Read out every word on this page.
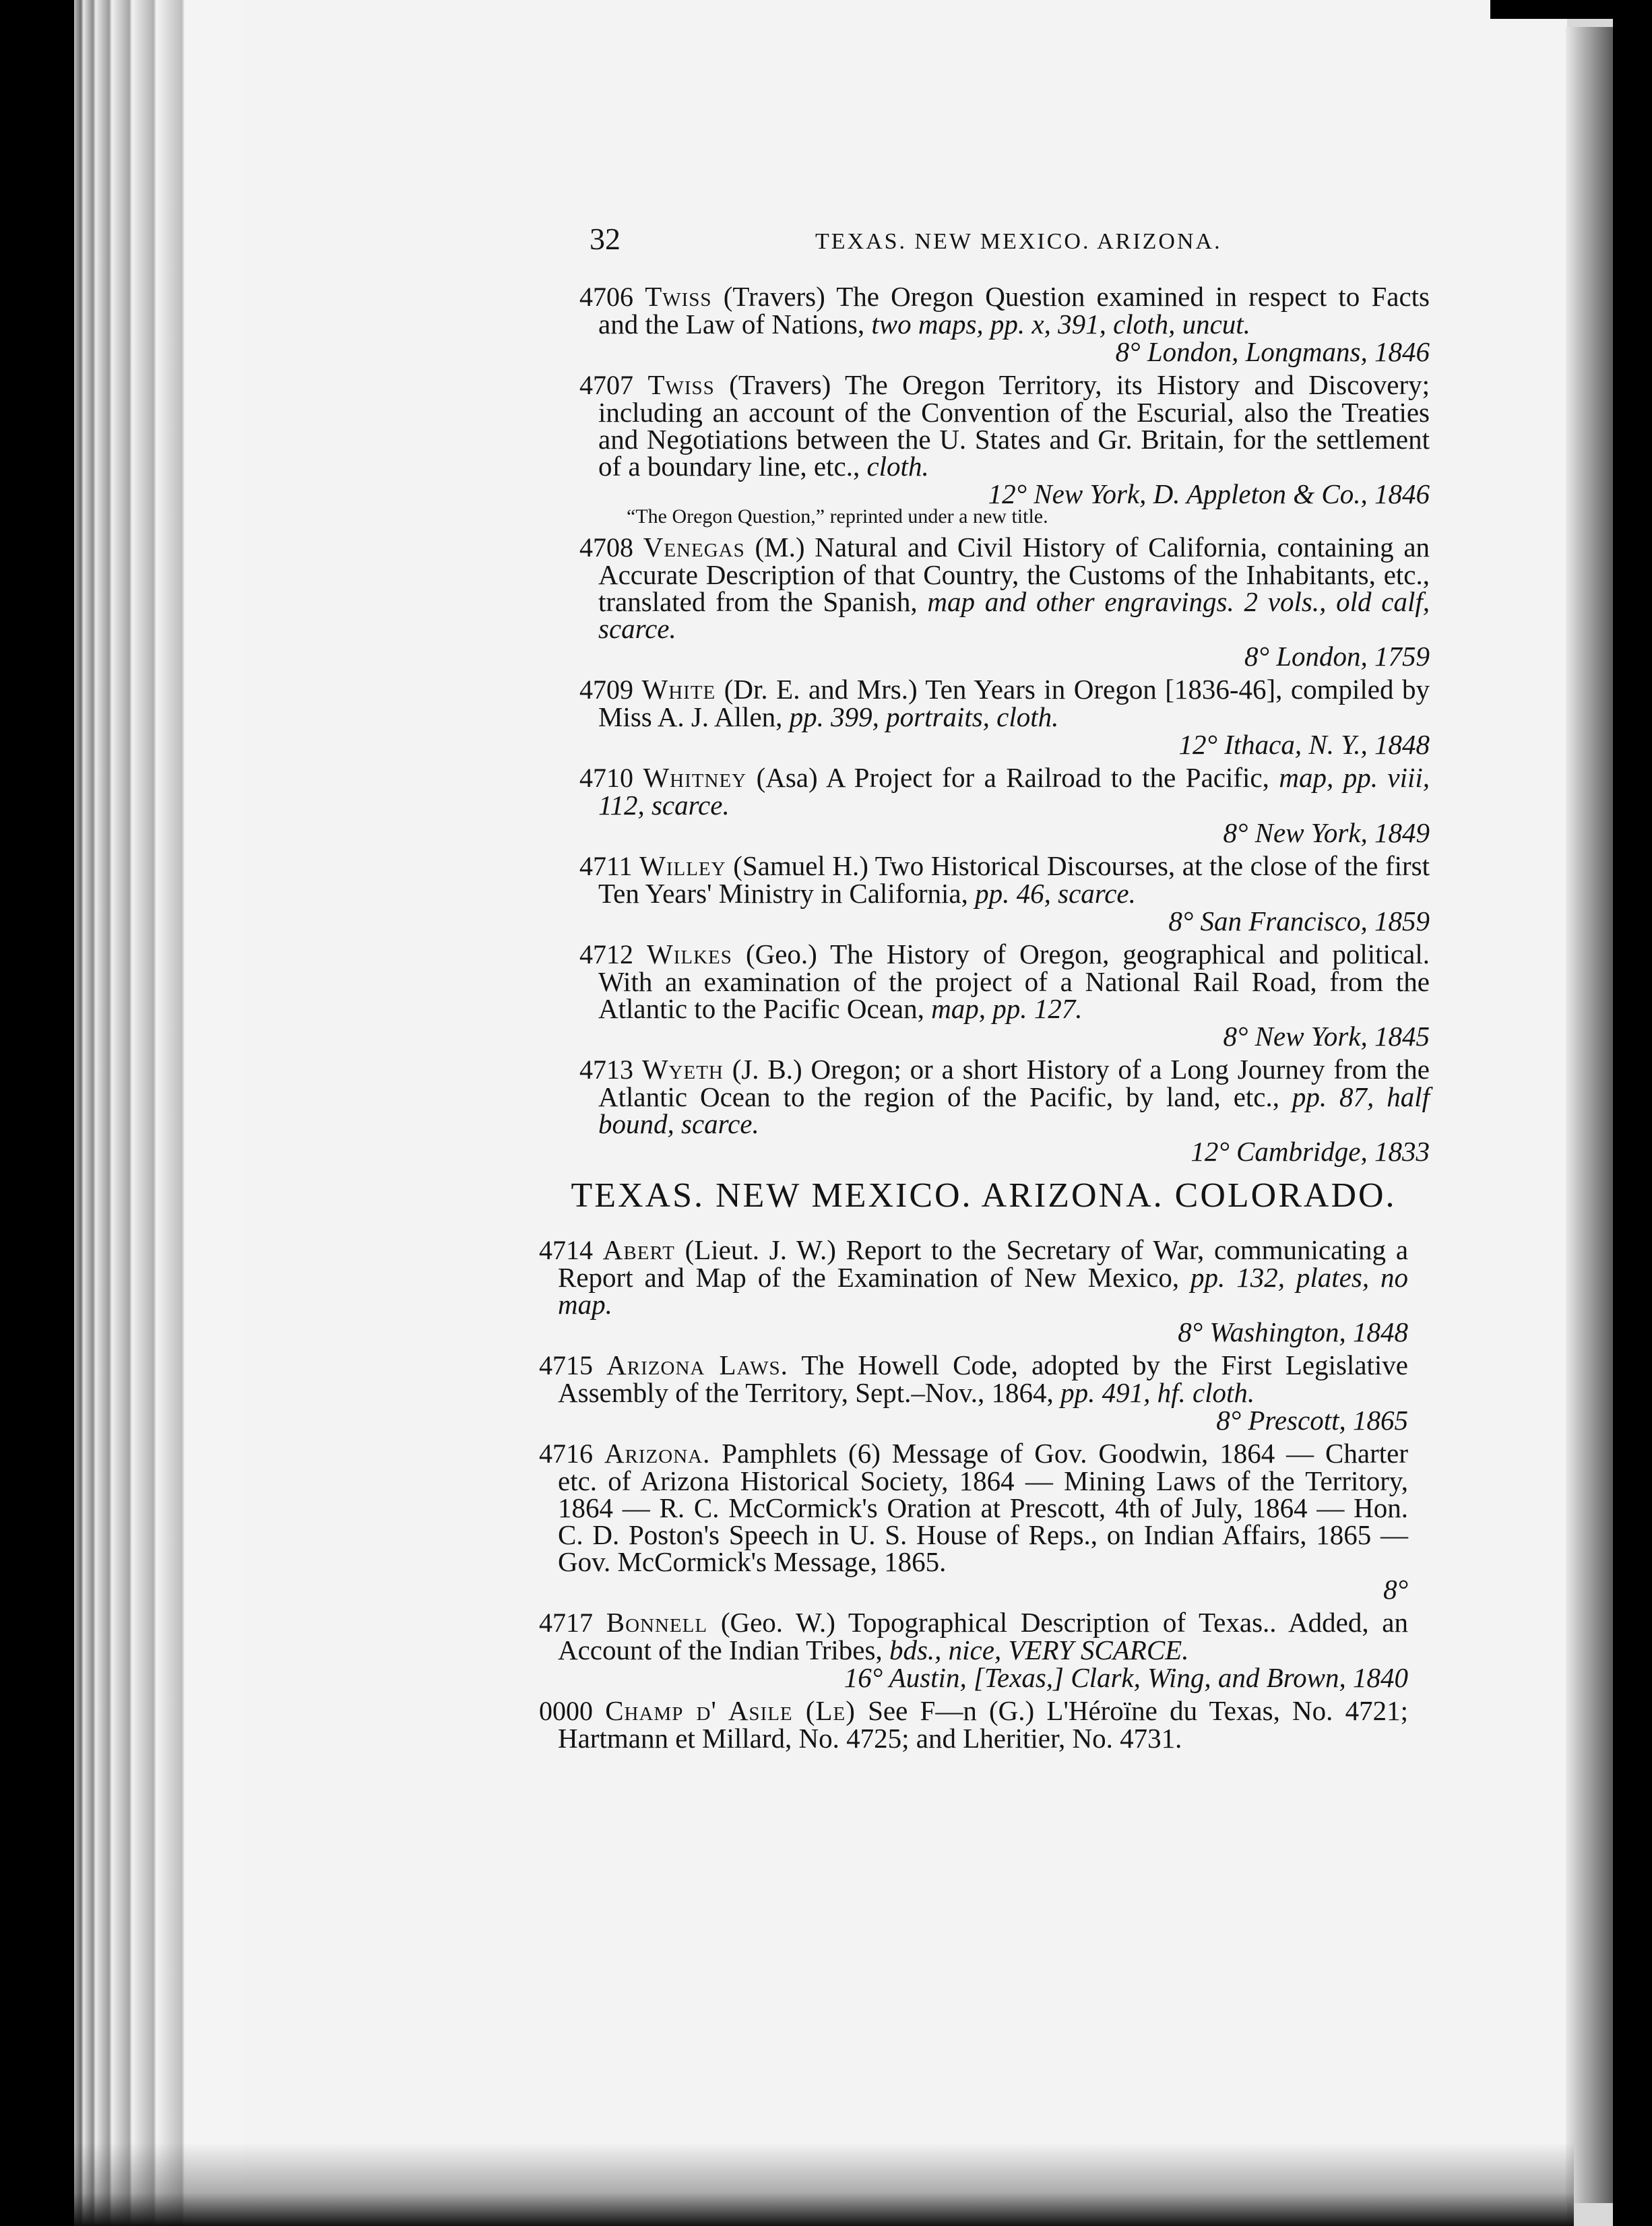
32	TEXAS. NEW MEXICO. ARIZONA.
4706 Twiss (Travers) The Oregon Question examined in respect to Facts and the Law of Nations, two maps, pp. x, 391, cloth, uncut.
8° London, Longmans, 1846
4707 Twiss (Travers) The Oregon Territory, its History and Discovery; including an account of the Convention of the Escurial, also the Treaties and Negotiations between the U. States and Gr. Britain, for the settlement of a boundary line, etc., cloth.
12° New York, D. Appleton & Co., 1846
“The Oregon Question,” reprinted under a new title.
4708 Venegas (M.) Natural and Civil History of California, containing an Accurate Description of that Country, the Customs of the Inhabitants, etc., translated from the Spanish, map and other engravings. 2 vols., old calf, scarce.
8° London, 1759
4709 White (Dr. E. and Mrs.) Ten Years in Oregon [1836-46], compiled by Miss A. J. Allen, pp. 399, portraits, cloth.
12° Ithaca, N. Y., 1848
4710 Whitney (Asa) A Project for a Railroad to the Pacific, map, pp. viii, 112, scarce.
8° New York, 1849
4711 Willey (Samuel H.) Two Historical Discourses, at the close of the first Ten Years' Ministry in California, pp. 46, scarce.
8° San Francisco, 1859
4712 Wilkes (Geo.) The History of Oregon, geographical and political. With an examination of the project of a National Rail Road, from the Atlantic to the Pacific Ocean, map, pp. 127.
8° New York, 1845
4713 Wyeth (J. B.) Oregon; or a short History of a Long Journey from the Atlantic Ocean to the region of the Pacific, by land, etc., pp. 87, half bound, scarce.
12° Cambridge, 1833
TEXAS. NEW MEXICO. ARIZONA. COLORADO.
4714 Abert (Lieut. J. W.) Report to the Secretary of War, communicating a Report and Map of the Examination of New Mexico, pp. 132, plates, no map.
8° Washington, 1848
4715 Arizona Laws. The Howell Code, adopted by the First Legislative Assembly of the Territory, Sept.–Nov., 1864, pp. 491, hf. cloth.
8° Prescott, 1865
4716 Arizona. Pamphlets (6) Message of Gov. Goodwin, 1864 — Charter etc. of Arizona Historical Society, 1864 — Mining Laws of the Territory, 1864 — R. C. McCormick's Oration at Prescott, 4th of July, 1864 — Hon. C. D. Poston's Speech in U. S. House of Reps., on Indian Affairs, 1865 — Gov. McCormick's Message, 1865.
8°
4717 Bonnell (Geo. W.) Topographical Description of Texas.. Added, an Account of the Indian Tribes, bds., nice, VERY SCARCE.
16° Austin, [Texas,] Clark, Wing, and Brown, 1840
0000 Champ d' Asile (Le) See F—n (G.) L'Héroïne du Texas, No. 4721; Hartmann et Millard, No. 4725; and Lheritier, No. 4731.
